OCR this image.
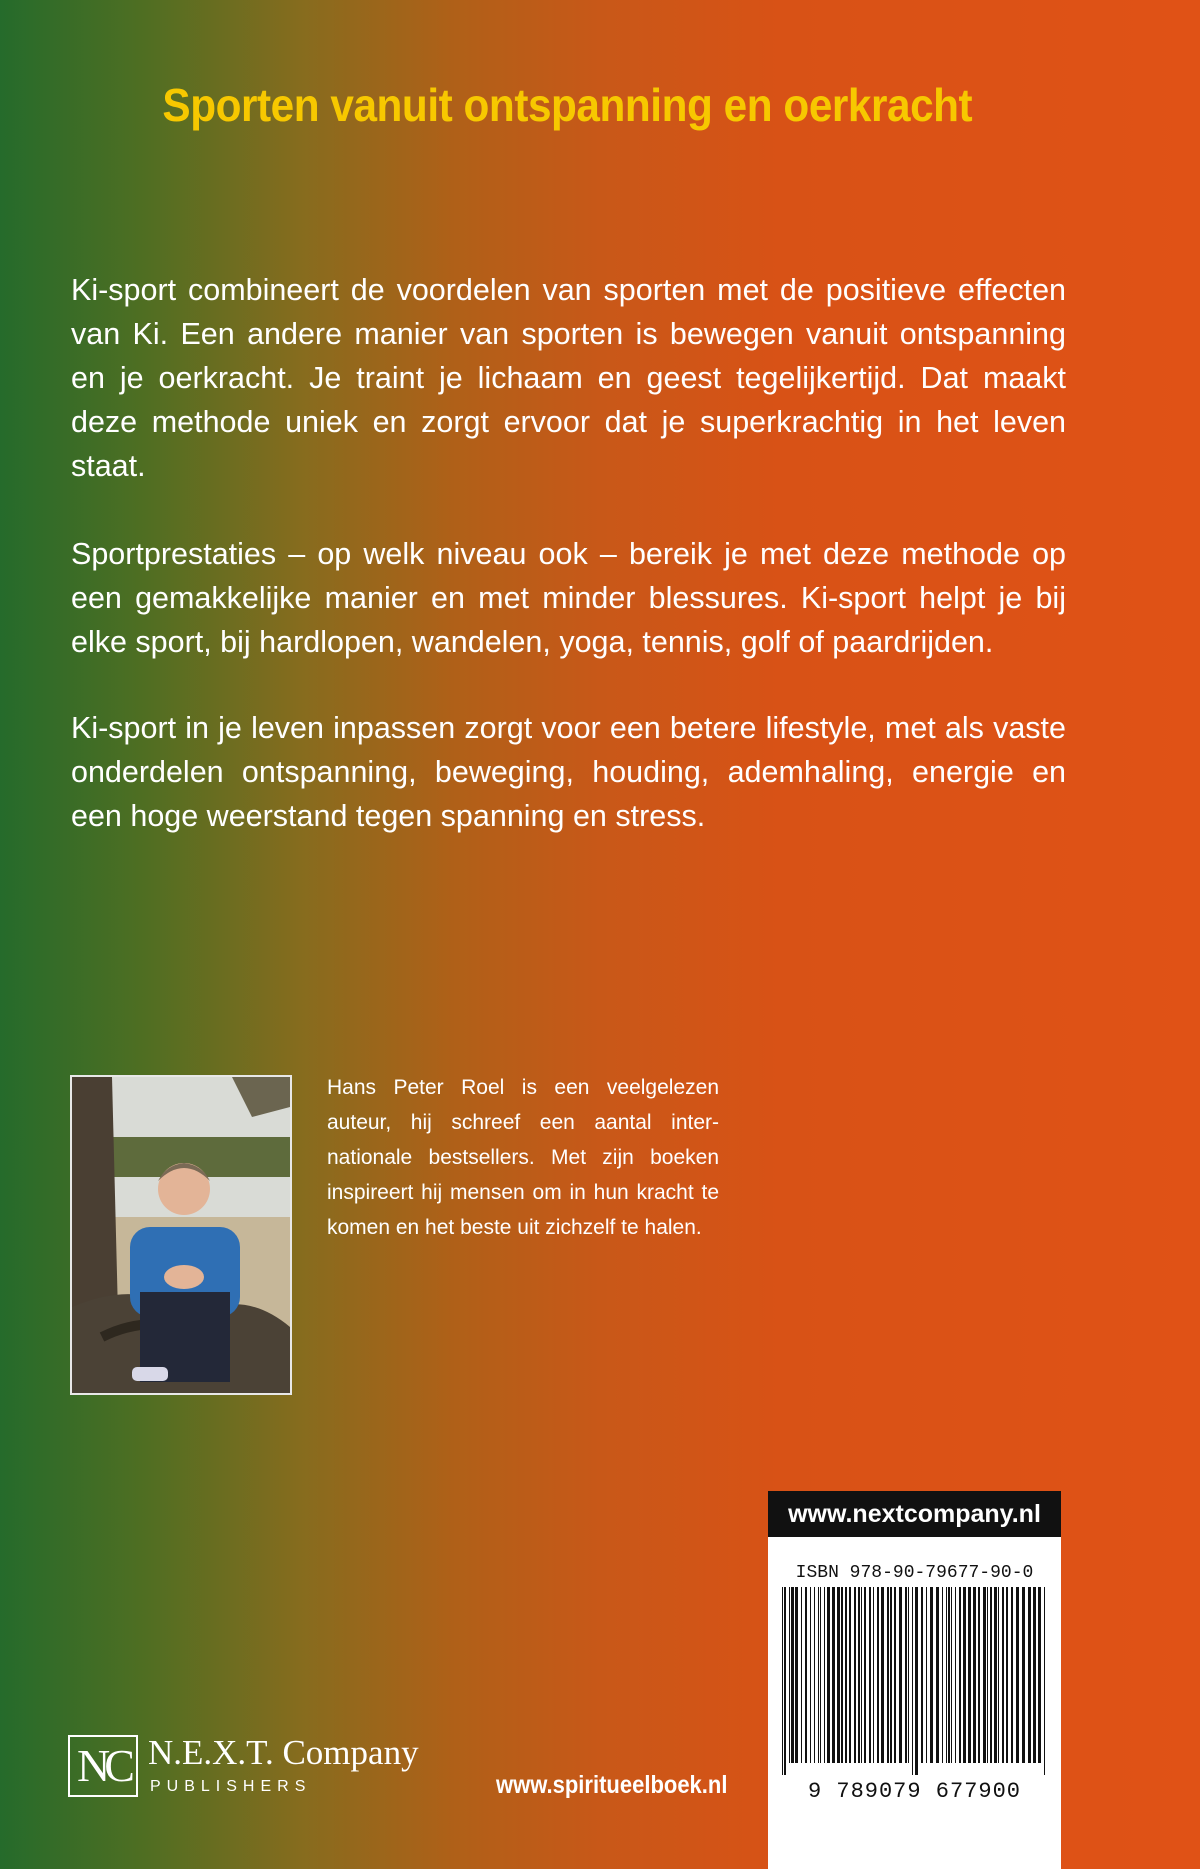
Sporten vanuit ontspanning en oerkracht
Ki-sport combineert de voordelen van sporten met de positieve effecten van Ki. Een andere manier van sporten is bewegen vanuit ontspanning en je oerkracht. Je traint je lichaam en geest tegelijkertijd. Dat maakt deze methode uniek en zorgt ervoor dat je superkrachtig in het leven staat.
Sportprestaties – op welk niveau ook – bereik je met deze methode op een gemakkelijke manier en met minder blessures. Ki-sport helpt je bij elke sport, bij hardlopen, wandelen, yoga, tennis, golf of paardrijden.
Ki-sport in je leven inpassen zorgt voor een betere lifestyle, met als vaste onderdelen ontspanning, beweging, houding, ademhaling, energie en een hoge weerstand tegen spanning en stress.
Hans Peter Roel is een veelgelezen auteur, hij schreef een aantal internationale bestsellers. Met zijn boeken inspireert hij mensen om in hun kracht te komen en het beste uit zichzelf te halen.
www.nextcompany.nl
ISBN 978-90-79677-90-0
9 789079 677900
NC N.E.X.T. Company
PUBLISHERS	www.spiritueelboek.nl
